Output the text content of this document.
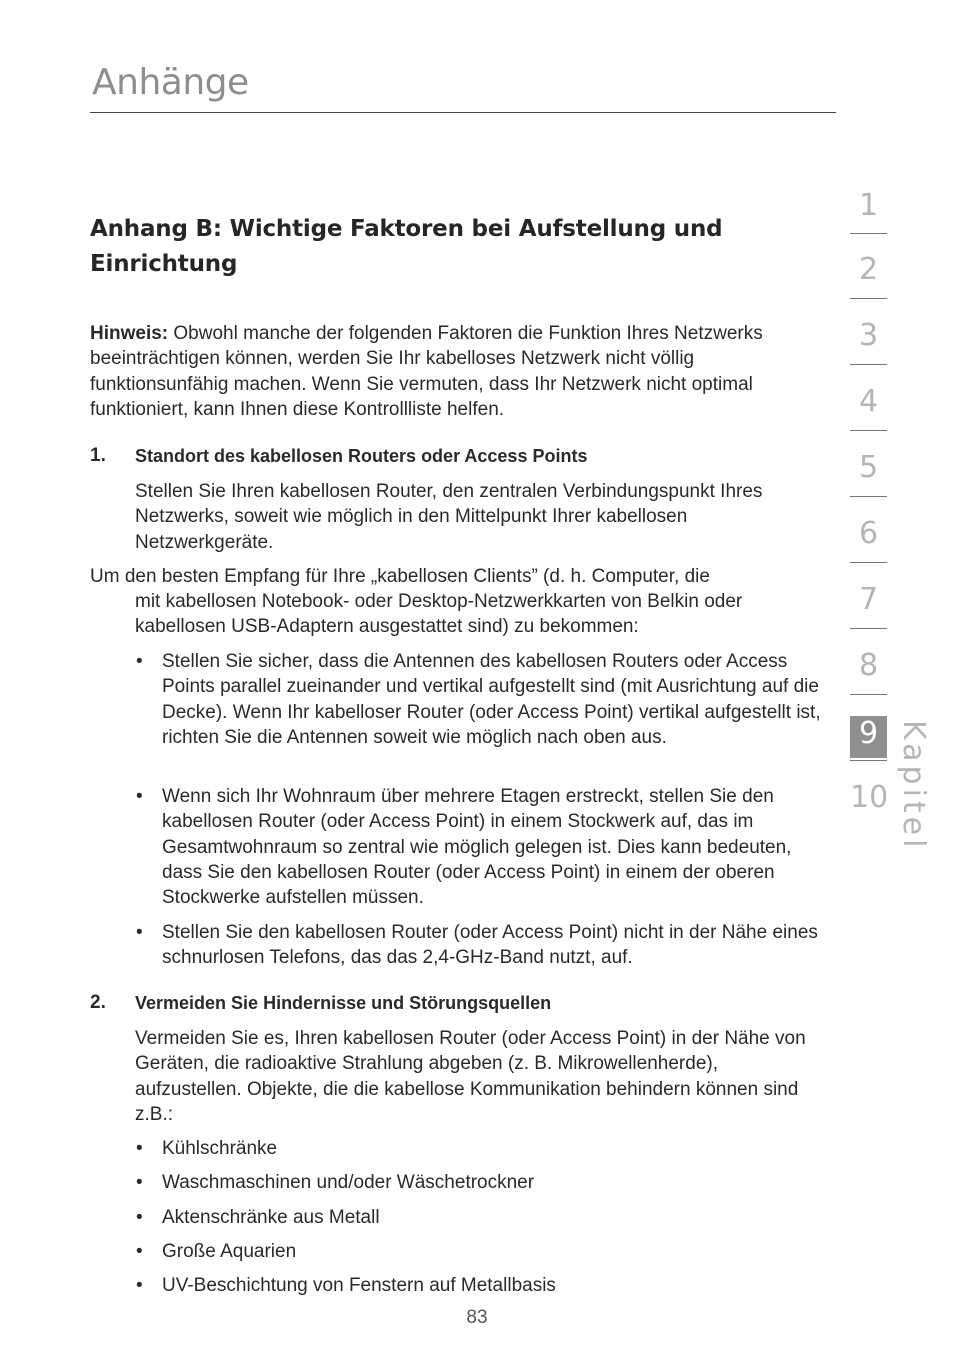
Anhänge
Anhang B: Wichtige Faktoren bei Aufstellung und Einrichtung
Hinweis: Obwohl manche der folgenden Faktoren die Funktion Ihres Netzwerks beeinträchtigen können, werden Sie Ihr kabelloses Netzwerk nicht völlig funktionsunfähig machen. Wenn Sie vermuten, dass Ihr Netzwerk nicht optimal funktioniert, kann Ihnen diese Kontrollliste helfen.
1. Standort des kabellosen Routers oder Access Points
Stellen Sie Ihren kabellosen Router, den zentralen Verbindungspunkt Ihres Netzwerks, soweit wie möglich in den Mittelpunkt Ihrer kabellosen Netzwerkgeräte.
Um den besten Empfang für Ihre „kabellosen Clients” (d. h. Computer, die
mit kabellosen Notebook- oder Desktop-Netzwerkkarten von Belkin oder kabellosen USB-Adaptern ausgestattet sind) zu bekommen:
• Stellen Sie sicher, dass die Antennen des kabellosen Routers oder Access Points parallel zueinander und vertikal aufgestellt sind (mit Ausrichtung auf die Decke). Wenn Ihr kabelloser Router (oder Access Point) vertikal aufgestellt ist, richten Sie die Antennen soweit wie möglich nach oben aus.
• Wenn sich Ihr Wohnraum über mehrere Etagen erstreckt, stellen Sie den kabellosen Router (oder Access Point) in einem Stockwerk auf, das im Gesamtwohnraum so zentral wie möglich gelegen ist. Dies kann bedeuten, dass Sie den kabellosen Router (oder Access Point) in einem der oberen Stockwerke aufstellen müssen.
• Stellen Sie den kabellosen Router (oder Access Point) nicht in der Nähe eines schnurlosen Telefons, das das 2,4-GHz-Band nutzt, auf.
2. Vermeiden Sie Hindernisse und Störungsquellen
Vermeiden Sie es, Ihren kabellosen Router (oder Access Point) in der Nähe von Geräten, die radioaktive Strahlung abgeben (z. B. Mikrowellenherde), aufzustellen. Objekte, die die kabellose Kommunikation behindern können sind z.B.:
• Kühlschränke
• Waschmaschinen und/oder Wäschetrockner
• Aktenschränke aus Metall
• Große Aquarien
• UV-Beschichtung von Fenstern auf Metallbasis
83
1
2
3
4
5
6
7
8
9
10 Kapitel
